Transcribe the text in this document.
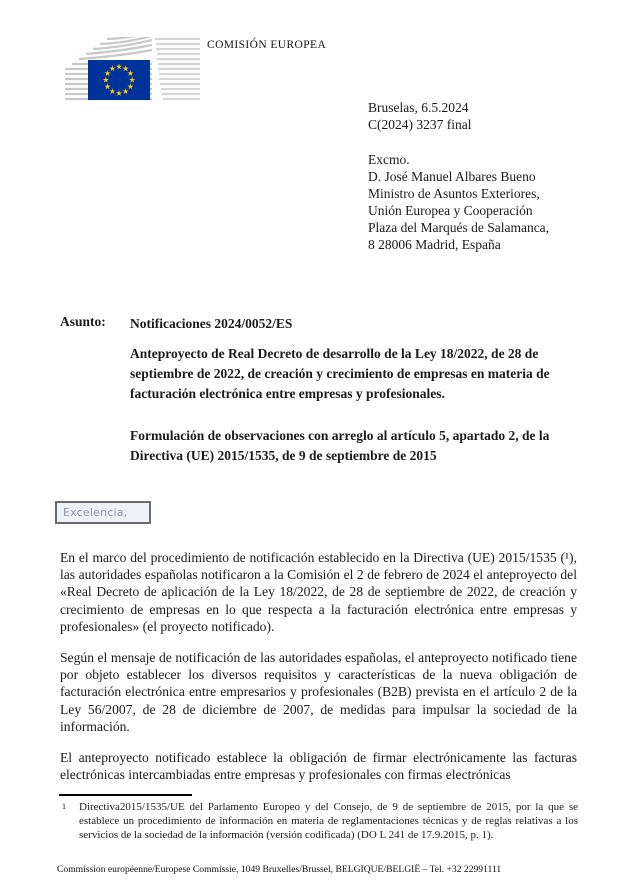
COMISIÓN EUROPEA
Bruselas, 6.5.2024
C(2024) 3237 final
Excmo.
D. José Manuel Albares Bueno
Ministro de Asuntos Exteriores,
Unión Europea y Cooperación
Plaza del Marqués de Salamanca,
8 28006 Madrid, España
Asunto: Notificaciones 2024/0052/ES
Anteproyecto de Real Decreto de desarrollo de la Ley 18/2022, de 28 de septiembre de 2022, de creación y crecimiento de empresas en materia de facturación electrónica entre empresas y profesionales.
Formulación de observaciones con arreglo al artículo 5, apartado 2, de la Directiva (UE) 2015/1535, de 9 de septiembre de 2015
Excelencia,

En el marco del procedimiento de notificación establecido en la Directiva (UE) 2015/1535 (¹), las autoridades españolas notificaron a la Comisión el 2 de febrero de 2024 el anteproyecto del «Real Decreto de aplicación de la Ley 18/2022, de 28 de septiembre de 2022, de creación y crecimiento de empresas en lo que respecta a la facturación electrónica entre empresas y profesionales» (el proyecto notificado).

Según el mensaje de notificación de las autoridades españolas, el anteproyecto notificado tiene por objeto establecer los diversos requisitos y características de la nueva obligación de facturación electrónica entre empresarios y profesionales (B2B) prevista en el artículo 2 de la Ley 56/2007, de 28 de diciembre de 2007, de medidas para impulsar la sociedad de la información.

El anteproyecto notificado establece la obligación de firmar electrónicamente las facturas electrónicas intercambiadas entre empresas y profesionales con firmas electrónicas

1 Directiva2015/1535/UE del Parlamento Europeo y del Consejo, de 9 de septiembre de 2015, por la que se establece un procedimiento de información en materia de reglamentaciones técnicas y de reglas relativas a los servicios de la sociedad de la información (versión codificada) (DO L 241 de 17.9.2015, p. 1).
Commission européenne/Europese Commissie, 1049 Bruxelles/Brussel, BELGIQUE/BELGIË – Tel. +32 22991111
